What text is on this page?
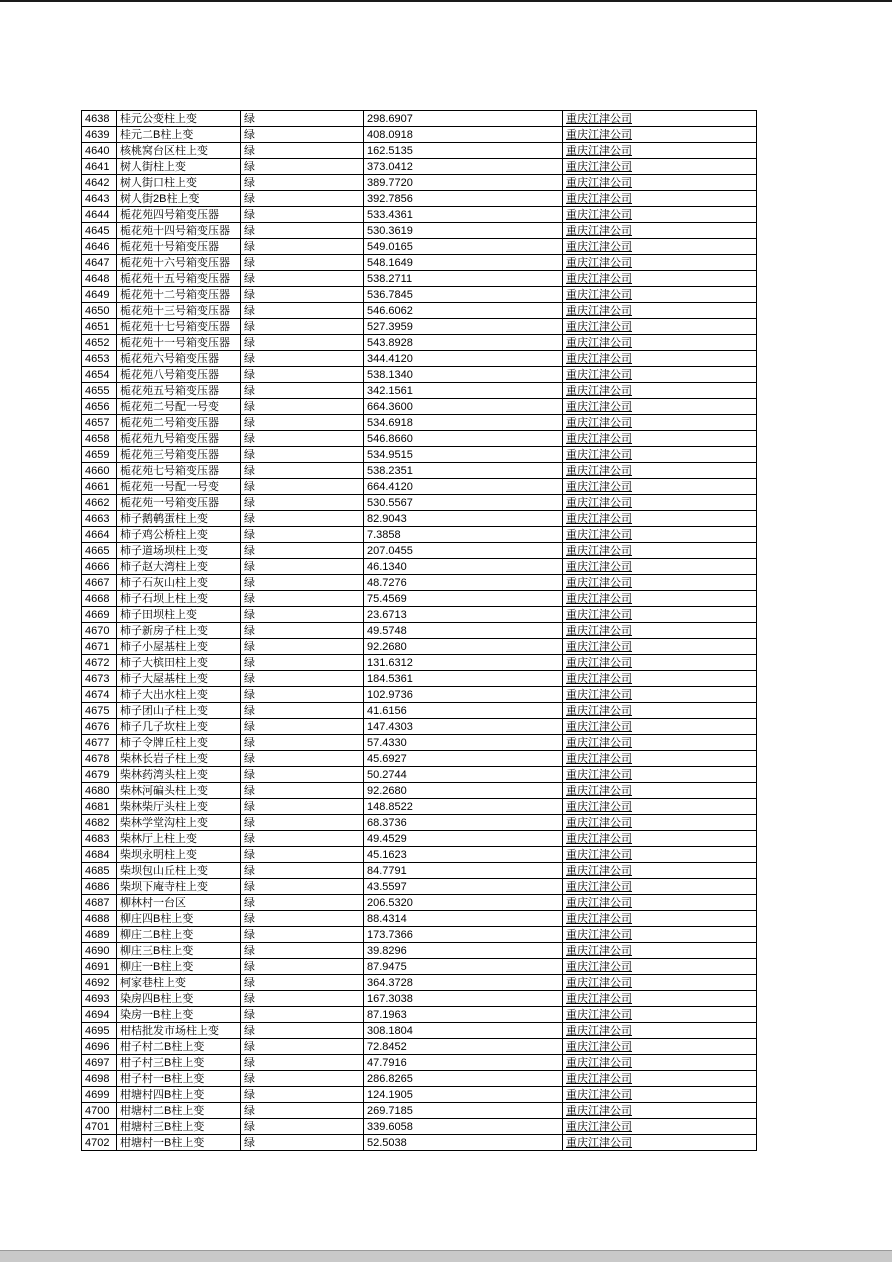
4638	桂元公变柱上变	绿	298.6907	重庆江津公司
4639	桂元二B柱上变	绿	408.0918	重庆江津公司
4640	核桃窝台区柱上变	绿	162.5135	重庆江津公司
4641	树人街柱上变	绿	373.0412	重庆江津公司
4642	树人街口柱上变	绿	389.7720	重庆江津公司
4643	树人街2B柱上变	绿	392.7856	重庆江津公司
4644	栀花苑四号箱变压器	绿	533.4361	重庆江津公司
4645	栀花苑十四号箱变压器	绿	530.3619	重庆江津公司
4646	栀花苑十号箱变压器	绿	549.0165	重庆江津公司
4647	栀花苑十六号箱变压器	绿	548.1649	重庆江津公司
4648	栀花苑十五号箱变压器	绿	538.2711	重庆江津公司
4649	栀花苑十二号箱变压器	绿	536.7845	重庆江津公司
4650	栀花苑十三号箱变压器	绿	546.6062	重庆江津公司
4651	栀花苑十七号箱变压器	绿	527.3959	重庆江津公司
4652	栀花苑十一号箱变压器	绿	543.8928	重庆江津公司
4653	栀花苑六号箱变压器	绿	344.4120	重庆江津公司
4654	栀花苑八号箱变压器	绿	538.1340	重庆江津公司
4655	栀花苑五号箱变压器	绿	342.1561	重庆江津公司
4656	栀花苑二号配一号变	绿	664.3600	重庆江津公司
4657	栀花苑二号箱变压器	绿	534.6918	重庆江津公司
4658	栀花苑九号箱变压器	绿	546.8660	重庆江津公司
4659	栀花苑三号箱变压器	绿	534.9515	重庆江津公司
4660	栀花苑七号箱变压器	绿	538.2351	重庆江津公司
4661	栀花苑一号配一号变	绿	664.4120	重庆江津公司
4662	栀花苑一号箱变压器	绿	530.5567	重庆江津公司
4663	柿子鹅鹌蛋柱上变	绿	82.9043	重庆江津公司
4664	柿子鸡公桥柱上变	绿	7.3858	重庆江津公司
4665	柿子道场坝柱上变	绿	207.0455	重庆江津公司
4666	柿子赵大湾柱上变	绿	46.1340	重庆江津公司
4667	柿子石灰山柱上变	绿	48.7276	重庆江津公司
4668	柿子石坝上柱上变	绿	75.4569	重庆江津公司
4669	柿子田坝柱上变	绿	23.6713	重庆江津公司
4670	柿子新房子柱上变	绿	49.5748	重庆江津公司
4671	柿子小屋基柱上变	绿	92.2680	重庆江津公司
4672	柿子大槟田柱上变	绿	131.6312	重庆江津公司
4673	柿子大屋基柱上变	绿	184.5361	重庆江津公司
4674	柿子大出水柱上变	绿	102.9736	重庆江津公司
4675	柿子团山子柱上变	绿	41.6156	重庆江津公司
4676	柿子几子坎柱上变	绿	147.4303	重庆江津公司
4677	柿子令牌丘柱上变	绿	57.4330	重庆江津公司
4678	柴林长岩子柱上变	绿	45.6927	重庆江津公司
4679	柴林药湾头柱上变	绿	50.2744	重庆江津公司
4680	柴林河碥头柱上变	绿	92.2680	重庆江津公司
4681	柴林柴厅头柱上变	绿	148.8522	重庆江津公司
4682	柴林学堂沟柱上变	绿	68.3736	重庆江津公司
4683	柴林厅上柱上变	绿	49.4529	重庆江津公司
4684	柴坝永明柱上变	绿	45.1623	重庆江津公司
4685	柴坝包山丘柱上变	绿	84.7791	重庆江津公司
4686	柴坝下庵寺柱上变	绿	43.5597	重庆江津公司
4687	柳林村一台区	绿	206.5320	重庆江津公司
4688	柳庄四B柱上变	绿	88.4314	重庆江津公司
4689	柳庄二B柱上变	绿	173.7366	重庆江津公司
4690	柳庄三B柱上变	绿	39.8296	重庆江津公司
4691	柳庄一B柱上变	绿	87.9475	重庆江津公司
4692	柯家巷柱上变	绿	364.3728	重庆江津公司
4693	染房四B柱上变	绿	167.3038	重庆江津公司
4694	染房一B柱上变	绿	87.1963	重庆江津公司
4695	柑桔批发市场柱上变	绿	308.1804	重庆江津公司
4696	柑子村二B柱上变	绿	72.8452	重庆江津公司
4697	柑子村三B柱上变	绿	47.7916	重庆江津公司
4698	柑子村一B柱上变	绿	286.8265	重庆江津公司
4699	柑塘村四B柱上变	绿	124.1905	重庆江津公司
4700	柑塘村二B柱上变	绿	269.7185	重庆江津公司
4701	柑塘村三B柱上变	绿	339.6058	重庆江津公司
4702	柑塘村一B柱上变	绿	52.5038	重庆江津公司
